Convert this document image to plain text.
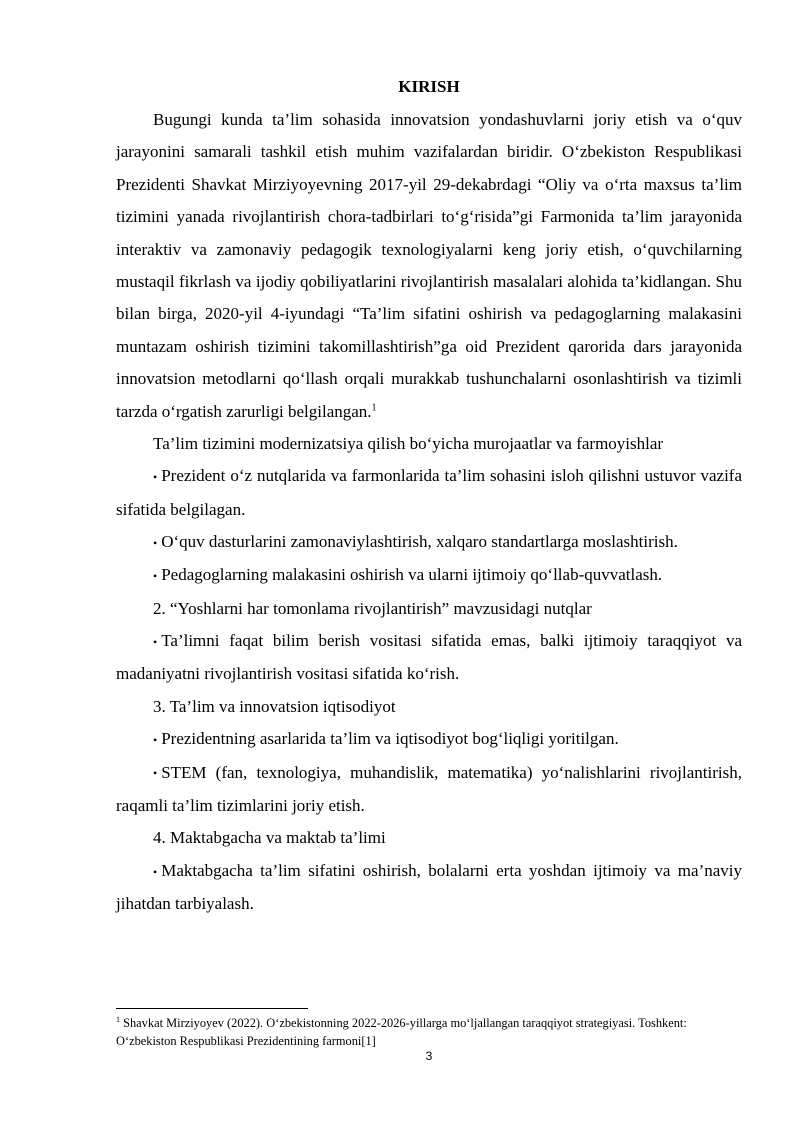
KIRISH

Bugungi kunda ta’lim sohasida innovatsion yondashuvlarni joriy etish va o‘quv jarayonini samarali tashkil etish muhim vazifalardan biridir. O‘zbekiston Respublikasi Prezidenti Shavkat Mirziyoyevning 2017-yil 29-dekabrdagi “Oliy va o‘rta maxsus ta’lim tizimini yanada rivojlantirish chora-tadbirlari to‘g‘risida”gi Farmonida ta’lim jarayonida interaktiv va zamonaviy pedagogik texnologiyalarni keng joriy etish, o‘quvchilarning mustaqil fikrlash va ijodiy qobiliyatlarini rivojlantirish masalalari alohida ta’kidlangan. Shu bilan birga, 2020-yil 4-iyundagi “Ta’lim sifatini oshirish va pedagoglarning malakasini muntazam oshirish tizimini takomillashtirish”ga oid Prezident qarorida dars jarayonida innovatsion metodlarni qo‘llash orqali murakkab tushunchalarni osonlashtirish va tizimli tarzda o‘rgatish zarurligi belgilangan.$^1$

Ta’lim tizimini modernizatsiya qilish bo‘yicha murojaatlar va farmoyishlar

• Prezident o‘z nutqlarida va farmonlarida ta’lim sohasini isloh qilishni ustuvor vazifa sifatida belgilagan.

• O‘quv dasturlarini zamonaviylashtirish, xalqaro standartlarga moslashtirish.

• Pedagoglarning malakasini oshirish va ularni ijtimoiy qo‘llab-quvvatlash.

2. “Yoshlarni har tomonlama rivojlantirish” mavzusidagi nutqlar

• Ta’limni faqat bilim berish vositasi sifatida emas, balki ijtimoiy taraqqiyot va madaniyatni rivojlantirish vositasi sifatida ko‘rish.

3. Ta’lim va innovatsion iqtisodiyot

• Prezidentning asarlarida ta’lim va iqtisodiyot bog‘liqligi yoritilgan.

• STEM (fan, texnologiya, muhandislik, matematika) yo‘nalishlarini rivojlantirish, raqamli ta’lim tizimlarini joriy etish.

4. Maktabgacha va maktab ta’limi

• Maktabgacha ta’lim sifatini oshirish, bolalarni erta yoshdan ijtimoiy va ma’naviy jihatdan tarbiyalash.

$^1$ Shavkat Mirziyoyev (2022). O‘zbekistonning 2022-2026-yillarga mo‘ljallangan taraqqiyot strategiyasi. Toshkent: O‘zbekiston Respublikasi Prezidentining farmoni[1]
3
